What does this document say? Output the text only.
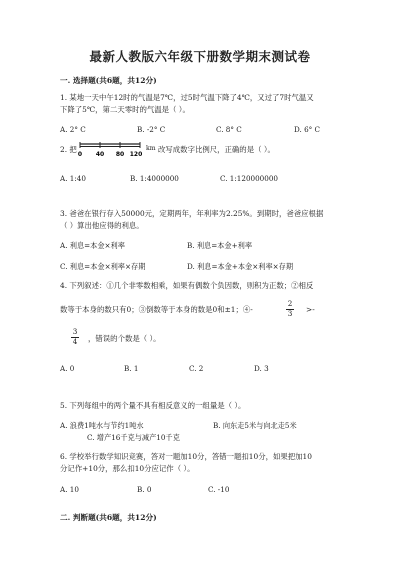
最新人教版六年级下册数学期末测试卷
一. 选择题(共6题，共12分)
1. 某地一天中午12时的气温是7℃，过5时气温下降了4℃，又过了7时气温又
下降了5℃，第二天零时的气温是（ ）。
A. 2° C	B. -2° C	C. 8° C	D. 6° C
2. 把
0 40 80 120
km 改写成数字比例尺，正确的是（ ）。
A. 1:40	B. 1:4000000	C. 1:120000000
3. 爸爸在银行存入50000元，定期两年，年利率为2.25%。到期时，爸爸应根据
（ ）算出他应得的利息。
A. 利息=本金×利率	B. 利息=本金+利率
C. 利息=本金×利率×存期	D. 利息=本金+本金×利率×存期
4. 下列叙述：①几个非零数相乘，如果有偶数个负因数，则积为正数；②相反
数等于本身的数只有0；③倒数等于本身的数是0和±1；④-
2
3 >-
3
4 ，错误的个数是（ ）。
A. 0	B. 1	C. 2	D. 3
5. 下列每组中的两个量不具有相反意义的一组量是（ ）。
A. 浪费1吨水与节约1吨水	B. 向东走5米与向北走5米
C. 增产16千克与减产10千克
6. 学校举行数学知识竞赛，答对一题加10分，答错一题扣10分，如果把加10
分记作+10分，那么扣10分应记作（ ）。
A. 10	B. 0	C. -10
二. 判断题(共6题，共12分)
